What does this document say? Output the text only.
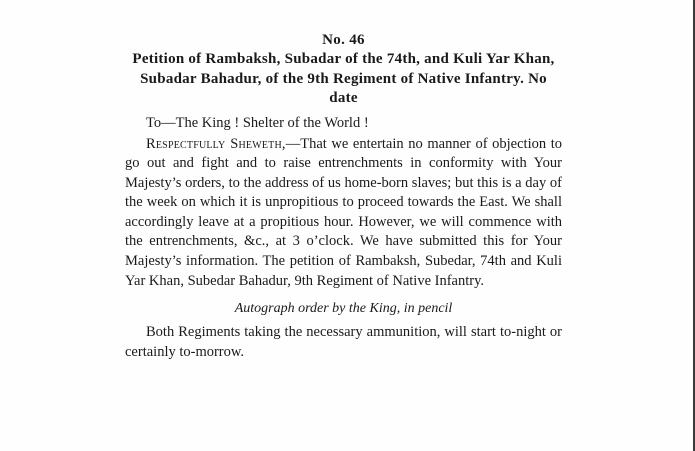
No. 46

Petition of Rambaksh, Subadar of the 74th, and Kuli Yar Khan, Subadar Bahadur, of the 9th Regiment of Native Infantry. No date

To—The King ! Shelter of the World !

Respectfully Sheweth,—That we entertain no manner of objection to go out and fight and to raise entrenchments in conformity with Your Majesty’s orders, to the address of us home-born slaves; but this is a day of the week on which it is unpropitious to proceed towards the East. We shall accordingly leave at a propitious hour. However, we will commence with the entrenchments, &c., at 3 o’clock. We have submitted this for Your Majesty’s information. The petition of Rambaksh, Subedar, 74th and Kuli Yar Khan, Subedar Bahadur, 9th Regiment of Native Infantry.

Autograph order by the King, in pencil

Both Regiments taking the necessary ammunition, will start to-night or certainly to-morrow.
